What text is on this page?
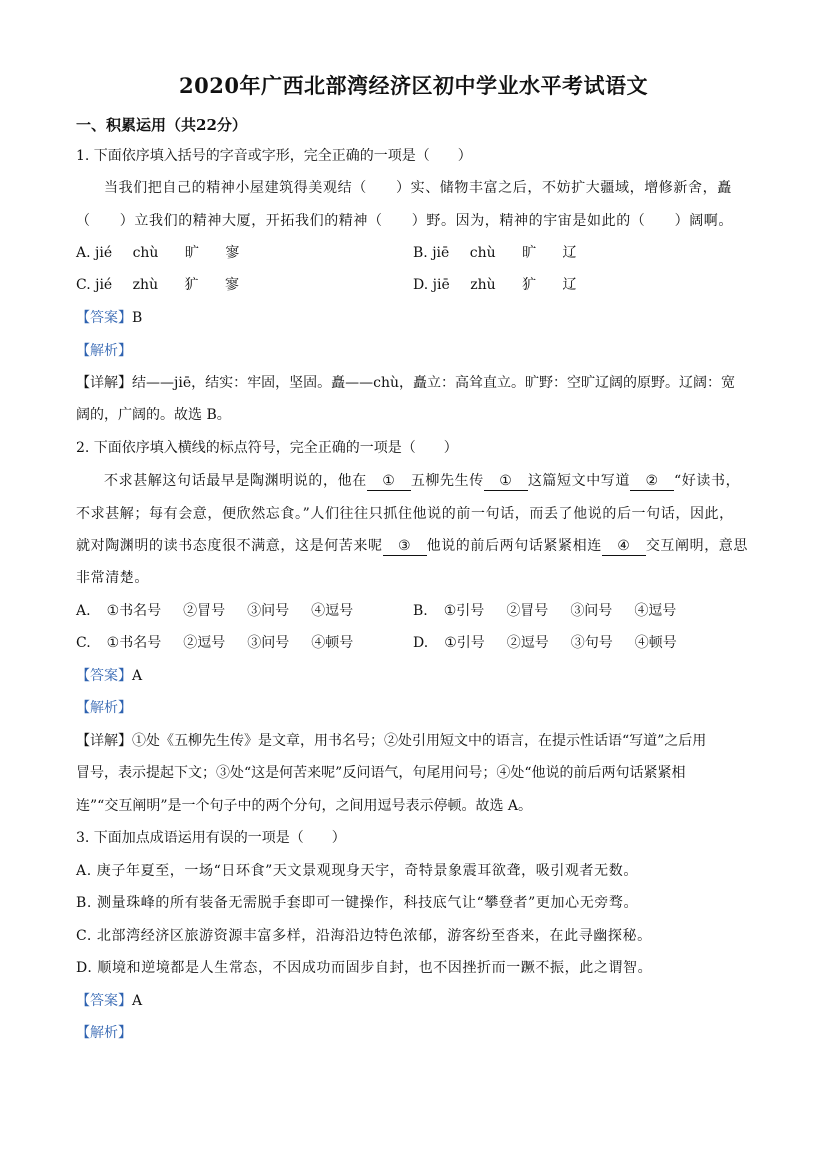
2020年广西北部湾经济区初中学业水平考试语文
一、积累运用（共22分）
1. 下面依序填入括号的字音或字形，完全正确的一项是（　　）
当我们把自己的精神小屋建筑得美观结（　　）实、储物丰富之后，不妨扩大疆域，增修新舍，矗
（　　）立我们的精神大厦，开拓我们的精神（　　）野。因为，精神的宇宙是如此的（　　）阔啊。
A. jié chù 旷 寥	B. jiē chù 旷 辽
C. jié zhù 犷 寥	D. jiē zhù 犷 辽
【答案】B
【解析】
【详解】结——jiē，结实：牢固，坚固。矗——chù，矗立：高耸直立。旷野：空旷辽阔的原野。辽阔：宽
阔的，广阔的。故选 B。
2. 下面依序填入横线的标点符号，完全正确的一项是（　　）
不求甚解这句话最早是陶渊明说的，他在 ① 五柳先生传 ① 这篇短文中写道 ② “好读书，
不求甚解；每有会意，便欣然忘食。”人们往往只抓住他说的前一句话，而丢了他说的后一句话，因此，
就对陶渊明的读书态度很不满意，这是何苦来呢 ③ 他说的前后两句话紧紧相连 ④ 交互阐明，意思
非常清楚。
A. ①书名号 ②冒号 ③问号 ④逗号	B. ①引号 ②冒号 ③问号 ④逗号
C. ①书名号 ②逗号 ③问号 ④顿号	D. ①引号 ②逗号 ③句号 ④顿号
【答案】A
【解析】
【详解】①处《五柳先生传》是文章，用书名号；②处引用短文中的语言，在提示性话语“写道”之后用
冒号，表示提起下文；③处“这是何苦来呢”反问语气，句尾用问号；④处“他说的前后两句话紧紧相
连”“交互阐明”是一个句子中的两个分句，之间用逗号表示停顿。故选 A。
3. 下面加点成语运用有误的一项是（　　）
A. 庚子年夏至，一场“日环食”天文景观现身天宇，奇特景象震耳欲聋，吸引观者无数。
B. 测量珠峰的所有装备无需脱手套即可一键操作，科技底气让“攀登者”更加心无旁骛。
C. 北部湾经济区旅游资源丰富多样，沿海沿边特色浓郁，游客纷至沓来，在此寻幽探秘。
D. 顺境和逆境都是人生常态，不因成功而固步自封，也不因挫折而一蹶不振，此之谓智。
【答案】A
【解析】
